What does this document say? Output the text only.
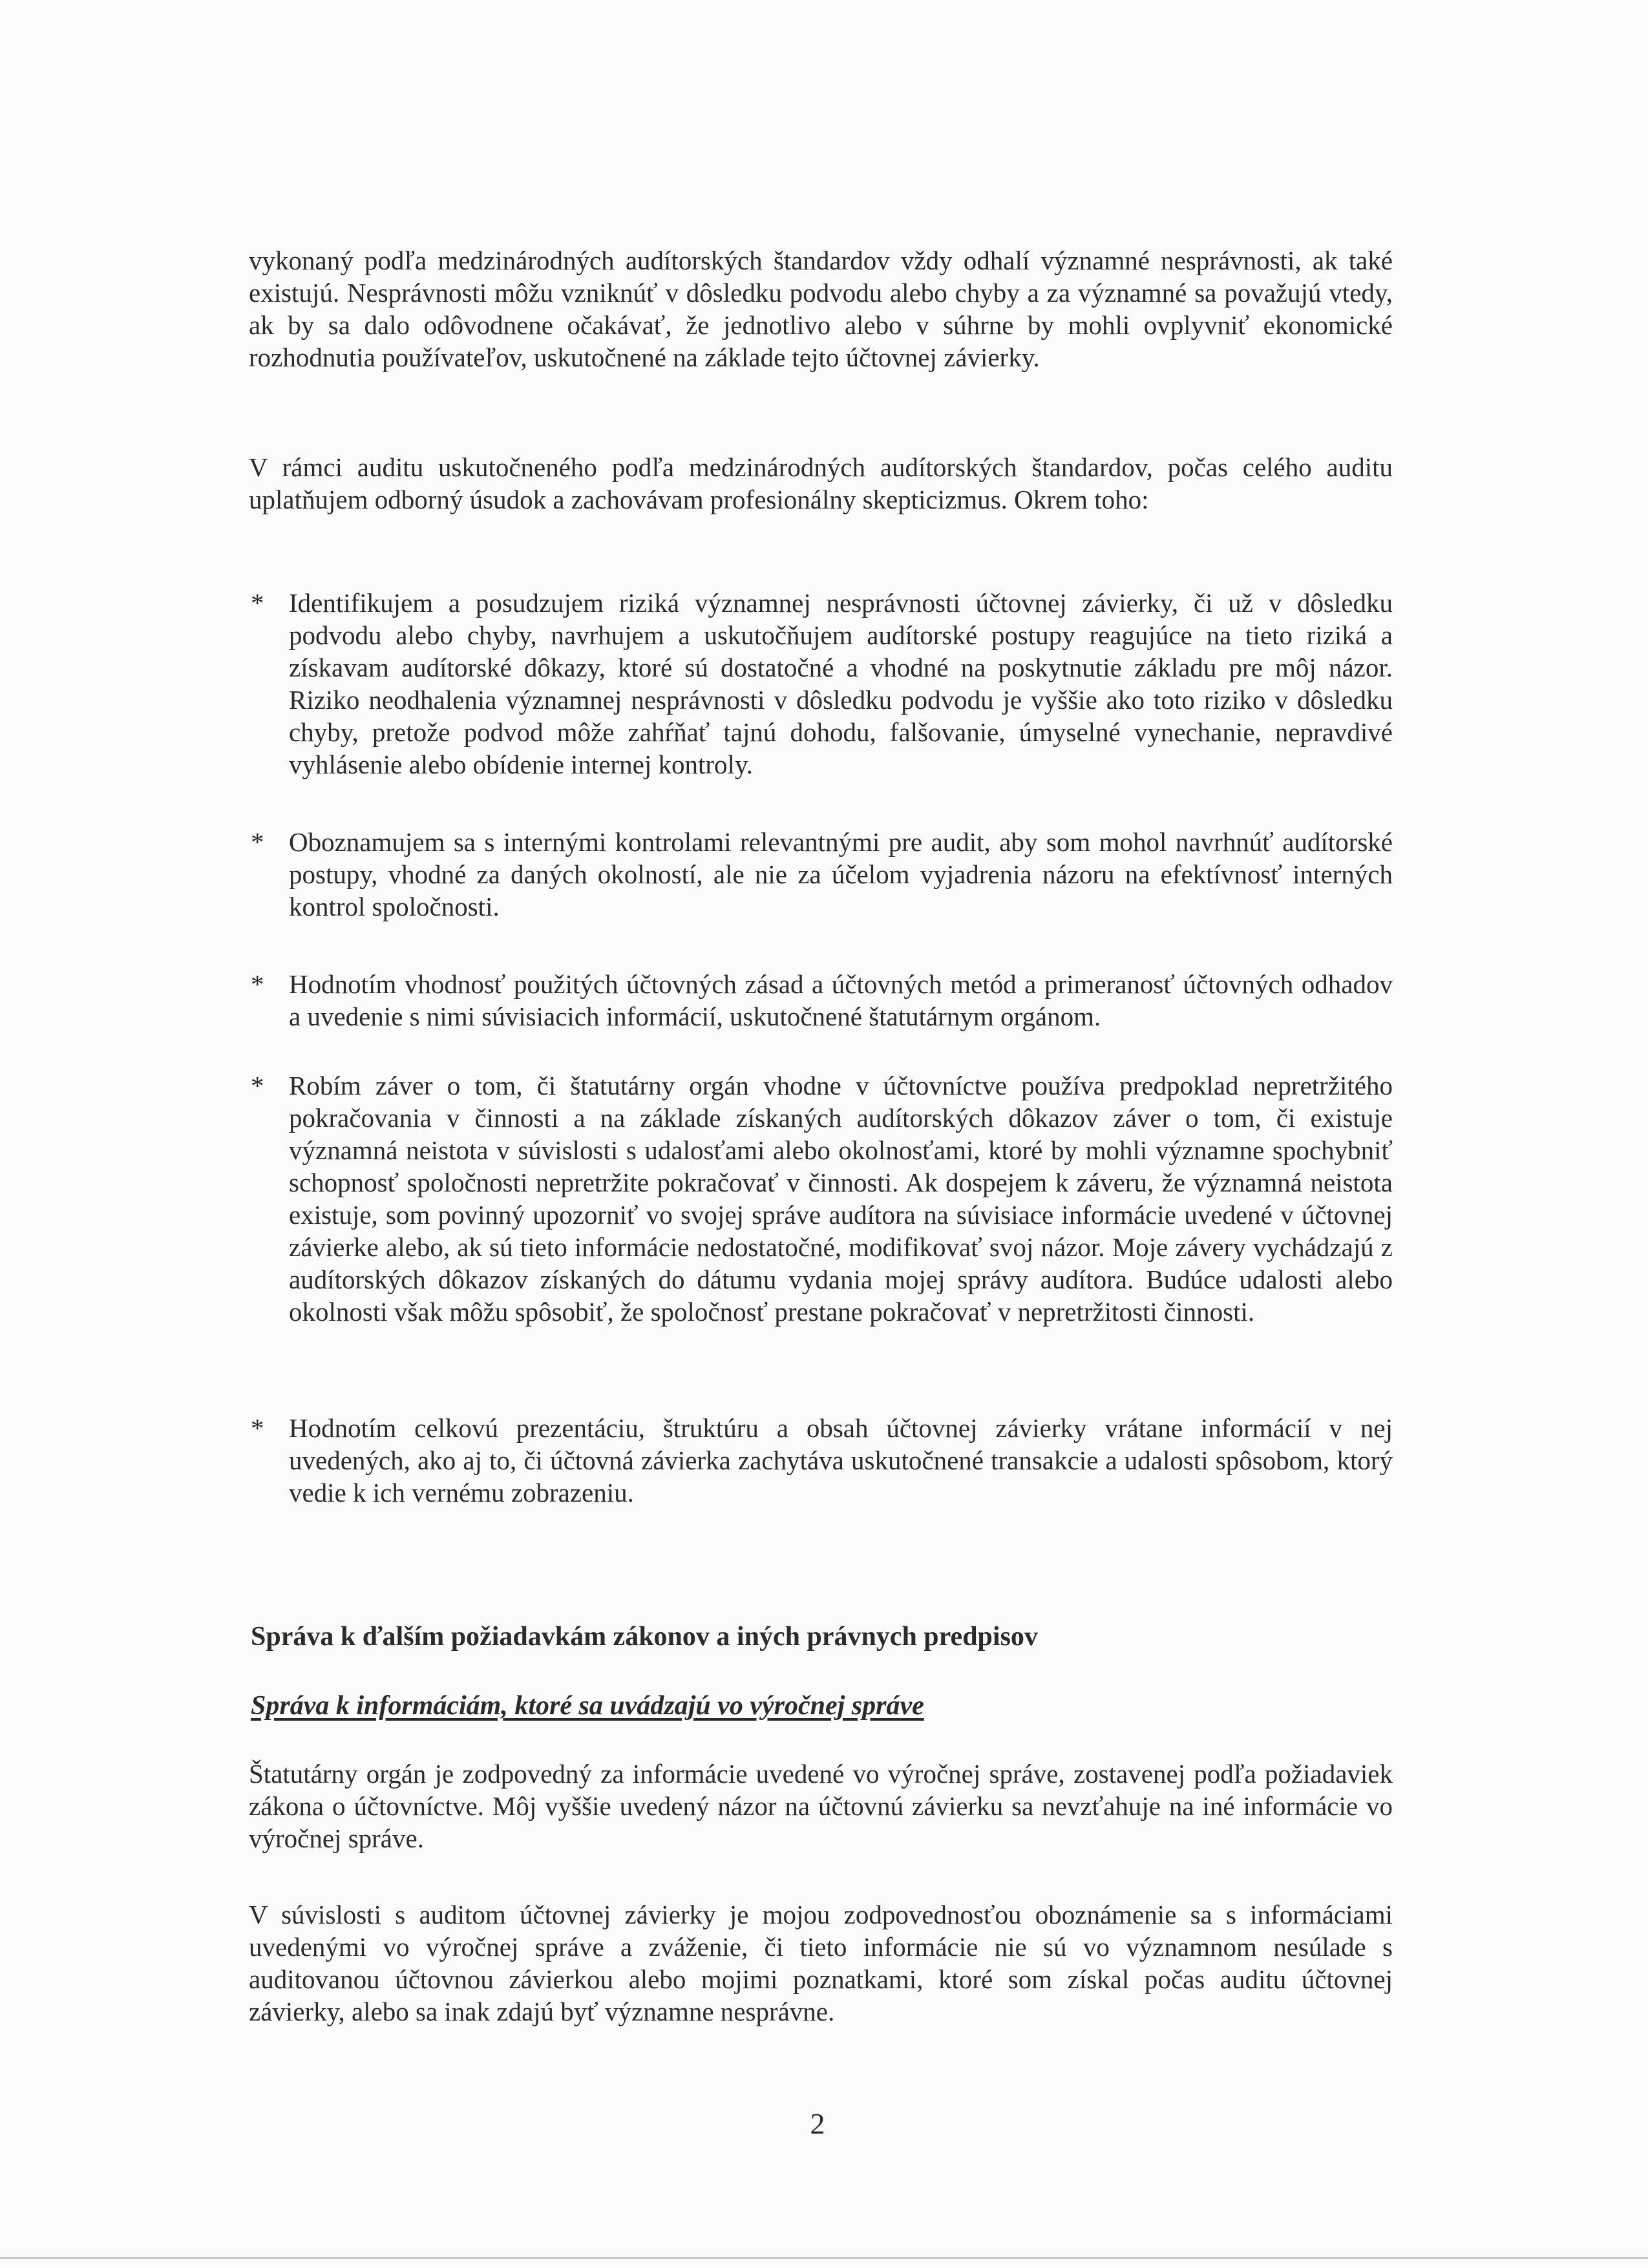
vykonaný podľa medzinárodných audítorských štandardov vždy odhalí významné nesprávnosti, ak také existujú. Nesprávnosti môžu vzniknúť v dôsledku podvodu alebo chyby a za významné sa považujú vtedy, ak by sa dalo odôvodnene očakávať, že jednotlivo alebo v súhrne by mohli ovplyvniť ekonomické rozhodnutia používateľov, uskutočnené na základe tejto účtovnej závierky.

V rámci auditu uskutočneného podľa medzinárodných audítorských štandardov, počas celého auditu uplatňujem odborný úsudok a zachovávam profesionálny skepticizmus. Okrem toho:

* Identifikujem a posudzujem riziká významnej nesprávnosti účtovnej závierky, či už v dôsledku podvodu alebo chyby, navrhujem a uskutočňujem audítorské postupy reagujúce na tieto riziká a získavam audítorské dôkazy, ktoré sú dostatočné a vhodné na poskytnutie základu pre môj názor. Riziko neodhalenia významnej nesprávnosti v dôsledku podvodu je vyššie ako toto riziko v dôsledku chyby, pretože podvod môže zahŕňať tajnú dohodu, falšovanie, úmyselné vynechanie, nepravdivé vyhlásenie alebo obídenie internej kontroly.

* Oboznamujem sa s internými kontrolami relevantnými pre audit, aby som mohol navrhnúť audítorské postupy, vhodné za daných okolností, ale nie za účelom vyjadrenia názoru na efektívnosť interných kontrol spoločnosti.

* Hodnotím vhodnosť použitých účtovných zásad a účtovných metód a primeranosť účtovných odhadov a uvedenie s nimi súvisiacich informácií, uskutočnené štatutárnym orgánom.

* Robím záver o tom, či štatutárny orgán vhodne v účtovníctve používa predpoklad nepretržitého pokračovania v činnosti a na základe získaných audítorských dôkazov záver o tom, či existuje významná neistota v súvislosti s udalosťami alebo okolnosťami, ktoré by mohli významne spochybniť schopnosť spoločnosti nepretržite pokračovať v činnosti. Ak dospejem k záveru, že významná neistota existuje, som povinný upozorniť vo svojej správe audítora na súvisiace informácie uvedené v účtovnej závierke alebo, ak sú tieto informácie nedostatočné, modifikovať svoj názor. Moje závery vychádzajú z audítorských dôkazov získaných do dátumu vydania mojej správy audítora. Budúce udalosti alebo okolnosti však môžu spôsobiť, že spoločnosť prestane pokračovať v nepretržitosti činnosti.

* Hodnotím celkovú prezentáciu, štruktúru a obsah účtovnej závierky vrátane informácií v nej uvedených, ako aj to, či účtovná závierka zachytáva uskutočnené transakcie a udalosti spôsobom, ktorý vedie k ich vernému zobrazeniu.

Správa k ďalším požiadavkám zákonov a iných právnych predpisov
Správa k informáciám, ktoré sa uvádzajú vo výročnej správe

Štatutárny orgán je zodpovedný za informácie uvedené vo výročnej správe, zostavenej podľa požiadaviek zákona o účtovníctve. Môj vyššie uvedený názor na účtovnú závierku sa nevzťahuje na iné informácie vo výročnej správe.

V súvislosti s auditom účtovnej závierky je mojou zodpovednosťou oboznámenie sa s informáciami uvedenými vo výročnej správe a zváženie, či tieto informácie nie sú vo významnom nesúlade s auditovanou účtovnou závierkou alebo mojimi poznatkami, ktoré som získal počas auditu účtovnej závierky, alebo sa inak zdajú byť významne nesprávne.

2
